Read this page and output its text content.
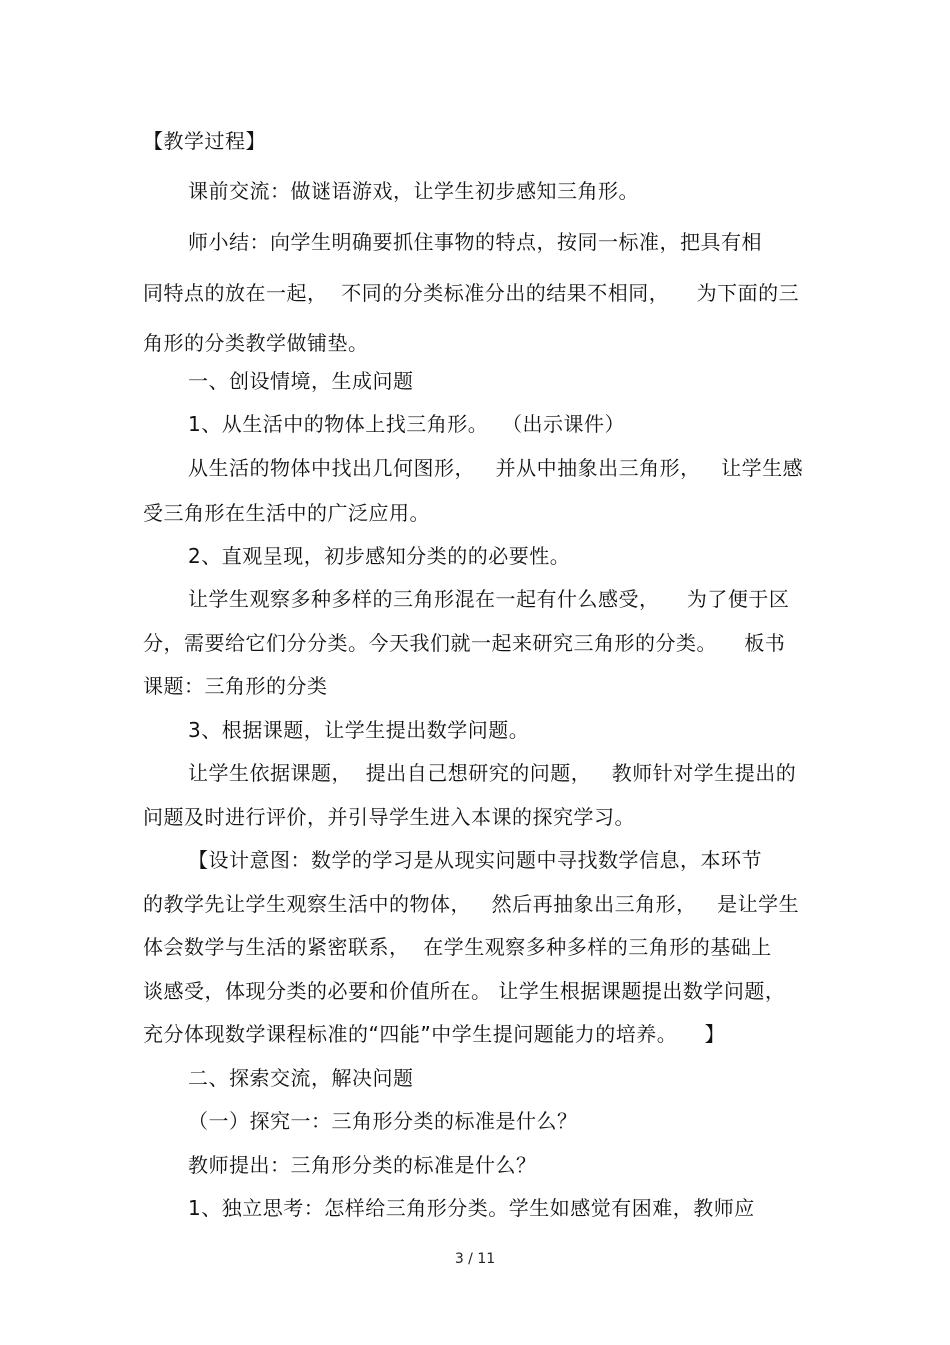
【教学过程】
课前交流：做谜语游戏，让学生初步感知三角形。
师小结：向学生明确要抓住事物的特点，按同一标准，把具有相
同特点的放在一起，  不同的分类标准分出的结果不相同，    为下面的三
角形的分类教学做铺垫。
一、创设情境，生成问题
1、从生活中的物体上找三角形。  （出示课件）
从生活的物体中找出几何图形，   并从中抽象出三角形，   让学生感
受三角形在生活中的广泛应用。
2、直观呈现，初步感知分类的的必要性。
让学生观察多种多样的三角形混在一起有什么感受，    为了便于区
分，需要给它们分分类。今天我们就一起来研究三角形的分类。    板书
课题：三角形的分类
3、根据课题，让学生提出数学问题。
让学生依据课题，  提出自己想研究的问题，   教师针对学生提出的
问题及时进行评价，并引导学生进入本课的探究学习。
【设计意图：数学的学习是从现实问题中寻找数学信息，本环节
的教学先让学生观察生活中的物体，   然后再抽象出三角形，   是让学生
体会数学与生活的紧密联系，  在学生观察多种多样的三角形的基础上
谈感受，体现分类的必要和价值所在。 让学生根据课题提出数学问题，
充分体现数学课程标准的“四能”中学生提问题能力的培养。    】
二、探索交流，解决问题
（一）探究一：三角形分类的标准是什么？
教师提出：三角形分类的标准是什么？
1、独立思考：怎样给三角形分类。学生如感觉有困难，教师应
3 / 11
